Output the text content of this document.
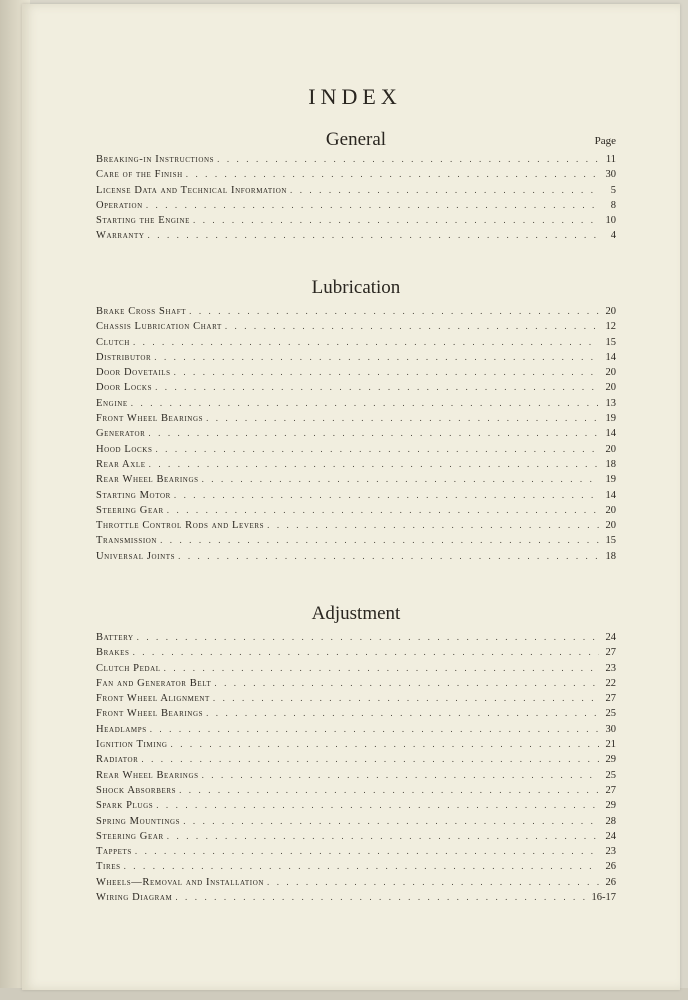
INDEX
General	Page
Breaking-in Instructions . . .	11
Care of the Finish . . .	30
License Data and Technical Information . . .	5
Operation . . .	8
Starting the Engine . . .	10
Warranty . . .	4
Lubrication
Brake Cross Shaft . . .	20
Chassis Lubrication Chart . . .	12
Clutch . . .	15
Distributor . . .	14
Door Dovetails . . .	20
Door Locks . . .	20
Engine . . .	13
Front Wheel Bearings . . .	19
Generator . . .	14
Hood Locks . . .	20
Rear Axle . . .	18
Rear Wheel Bearings . . .	19
Starting Motor . . .	14
Steering Gear . . .	20
Throttle Control Rods and Levers . . .	20
Transmission . . .	15
Universal Joints . . .	18
Adjustment
Battery . . .	24
Brakes . . .	27
Clutch Pedal . . .	23
Fan and Generator Belt . . .	22
Front Wheel Alignment . . .	27
Front Wheel Bearings . . .	25
Headlamps . . .	30
Ignition Timing . . .	21
Radiator . . .	29
Rear Wheel Bearings . . .	25
Shock Absorbers . . .	27
Spark Plugs . . .	29
Spring Mountings . . .	28
Steering Gear . . .	24
Tappets . . .	23
Tires . . .	26
Wheels—Removal and Installation . . .	26
Wiring Diagram . . .	16-17
